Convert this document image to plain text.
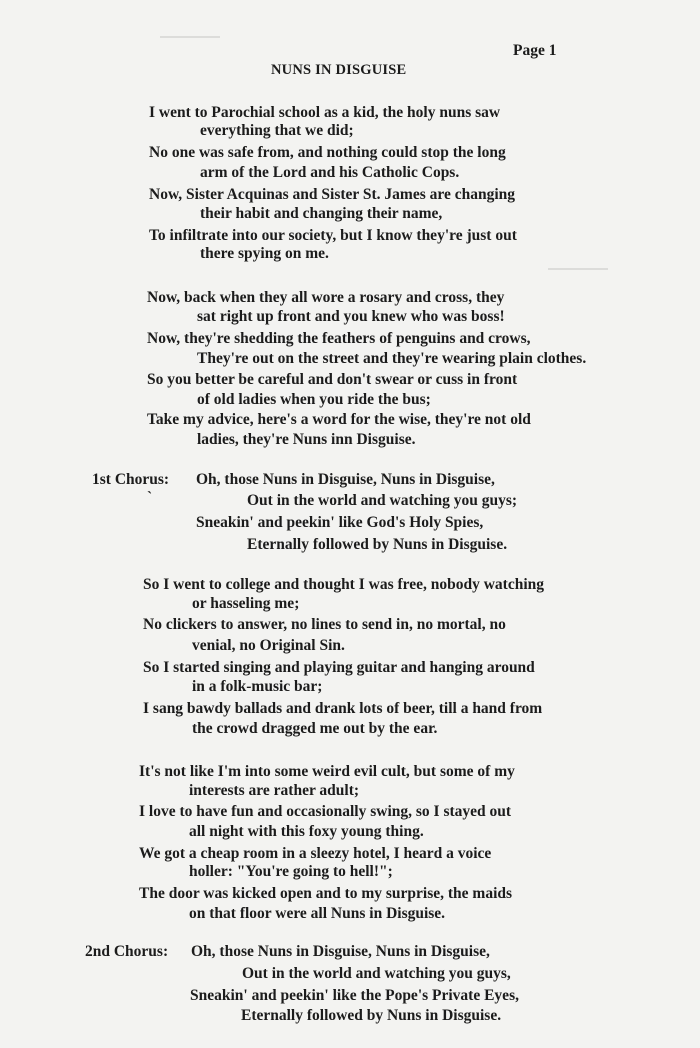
Page 1
NUNS IN DISGUISE
I went to Parochial school as a kid, the holy nuns saw
everything that we did;
No one was safe from, and nothing could stop the long
arm of the Lord and his Catholic Cops.
Now, Sister Acquinas and Sister St. James are changing
their habit and changing their name,
To infiltrate into our society, but I know they're just out
there spying on me.
Now, back when they all wore a rosary and cross, they
sat right up front and you knew who was boss!
Now, they're shedding the feathers of penguins and crows,
They're out on the street and they're wearing plain clothes.
So you better be careful and don't swear or cuss in front
of old ladies when you ride the bus;
Take my advice, here's a word for the wise, they're not old
ladies, they're Nuns inn Disguise.
1st Chorus:
`
Oh, those Nuns in Disguise, Nuns in Disguise,
Out in the world and watching you guys;
Sneakin' and peekin' like God's Holy Spies,
Eternally followed by Nuns in Disguise.
So I went to college and thought I was free, nobody watching
or hasseling me;
No clickers to answer, no lines to send in, no mortal, no
venial, no Original Sin.
So I started singing and playing guitar and hanging around
in a folk-music bar;
I sang bawdy ballads and drank lots of beer, till a hand from
the crowd dragged me out by the ear.
It's not like I'm into some weird evil cult, but some of my
interests are rather adult;
I love to have fun and occasionally swing, so I stayed out
all night with this foxy young thing.
We got a cheap room in a sleezy hotel, I heard a voice
holler: "You're going to hell!";
The door was kicked open and to my surprise, the maids
on that floor were all Nuns in Disguise.
2nd Chorus: Oh, those Nuns in Disguise, Nuns in Disguise,
Out in the world and watching you guys,
Sneakin' and peekin' like the Pope's Private Eyes,
Eternally followed by Nuns in Disguise.
